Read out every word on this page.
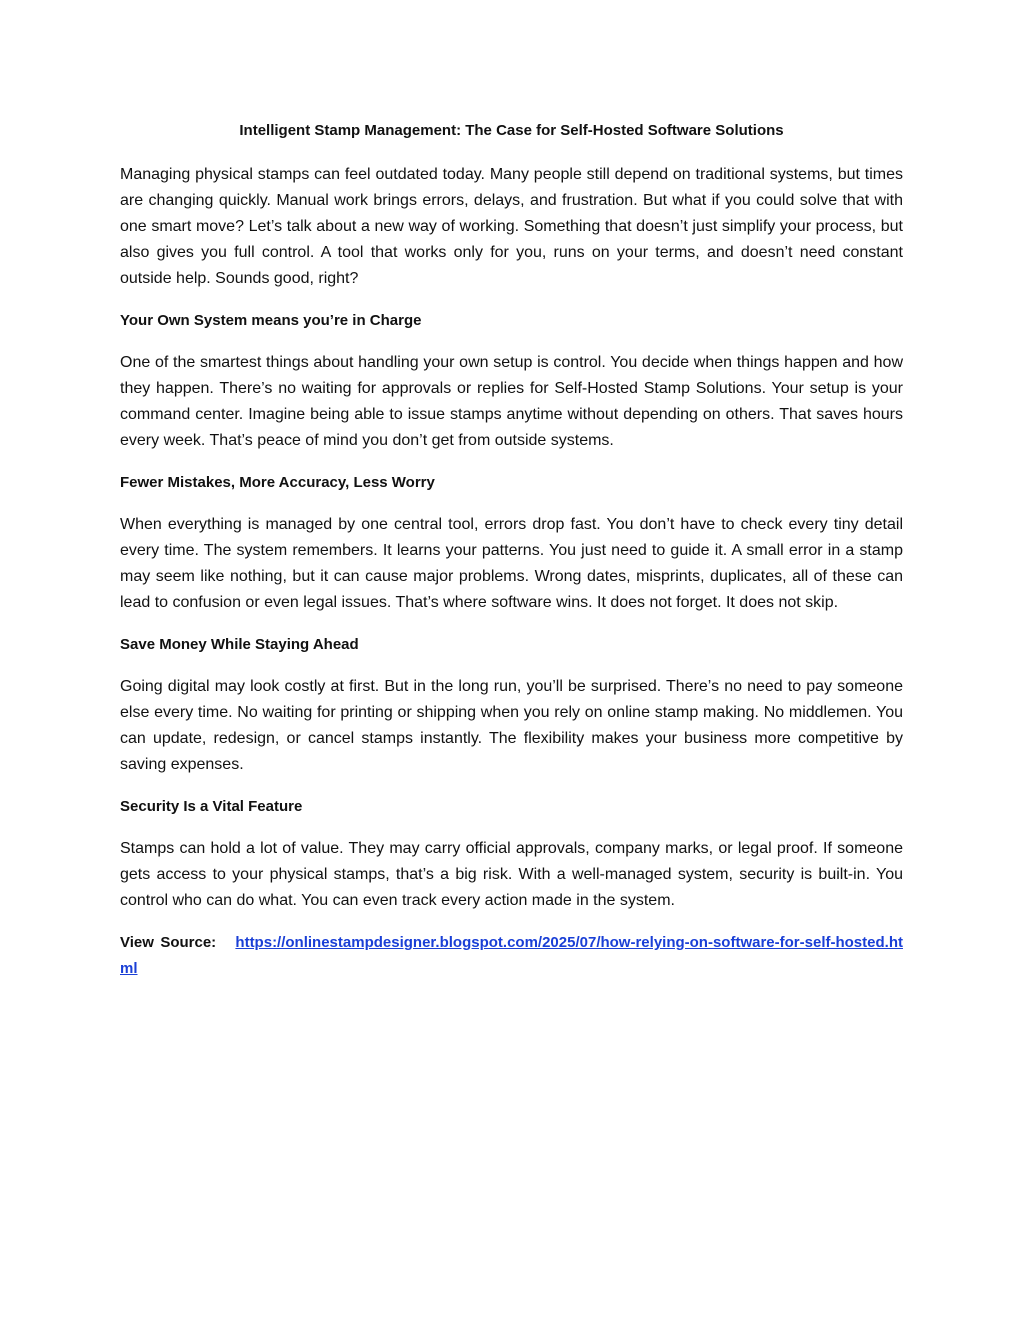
Intelligent Stamp Management: The Case for Self-Hosted Software Solutions

Managing physical stamps can feel outdated today. Many people still depend on traditional systems, but times are changing quickly. Manual work brings errors, delays, and frustration. But what if you could solve that with one smart move? Let’s talk about a new way of working. Something that doesn’t just simplify your process, but also gives you full control. A tool that works only for you, runs on your terms, and doesn’t need constant outside help. Sounds good, right?

Your Own System means you’re in Charge

One of the smartest things about handling your own setup is control. You decide when things happen and how they happen. There’s no waiting for approvals or replies for Self-Hosted Stamp Solutions. Your setup is your command center. Imagine being able to issue stamps anytime without depending on others. That saves hours every week. That’s peace of mind you don’t get from outside systems.

Fewer Mistakes, More Accuracy, Less Worry

When everything is managed by one central tool, errors drop fast. You don’t have to check every tiny detail every time. The system remembers. It learns your patterns. You just need to guide it. A small error in a stamp may seem like nothing, but it can cause major problems. Wrong dates, misprints, duplicates, all of these can lead to confusion or even legal issues. That’s where software wins. It does not forget. It does not skip.

Save Money While Staying Ahead

Going digital may look costly at first. But in the long run, you’ll be surprised. There’s no need to pay someone else every time. No waiting for printing or shipping when you rely on online stamp making. No middlemen. You can update, redesign, or cancel stamps instantly. The flexibility makes your business more competitive by saving expenses.

Security Is a Vital Feature

Stamps can hold a lot of value. They may carry official approvals, company marks, or legal proof. If someone gets access to your physical stamps, that’s a big risk. With a well-managed system, security is built-in. You control who can do what. You can even track every action made in the system.

View Source: https://onlinestampdesigner.blogspot.com/2025/07/how-relying-on-software-for-self-hosted.html
